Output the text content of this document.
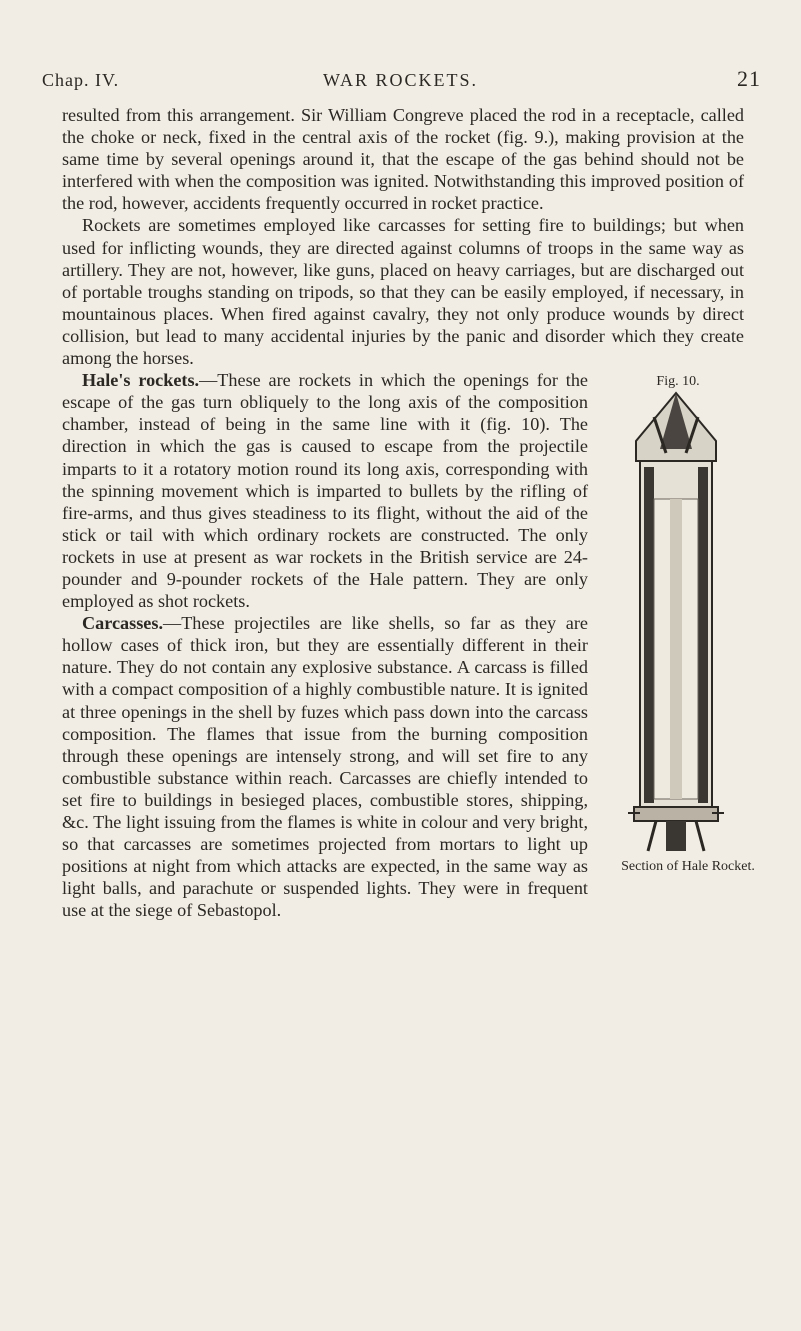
Chap. IV.	WAR ROCKETS.	21

resulted from this arrangement. Sir William Congreve placed the rod in a receptacle, called the choke or neck, fixed in the central axis of the rocket (fig. 9.), making provision at the same time by several openings around it, that the escape of the gas behind should not be interfered with when the composition was ignited. Notwithstanding this improved position of the rod, however, accidents frequently occurred in rocket practice.

Rockets are sometimes employed like carcasses for setting fire to buildings; but when used for inflicting wounds, they are directed against columns of troops in the same way as artillery. They are not, however, like guns, placed on heavy carriages, but are discharged out of portable troughs standing on tripods, so that they can be easily employed, if necessary, in mountainous places. When fired against cavalry, they not only produce wounds by direct collision, but lead to many accidental injuries by the panic and disorder which they create among the horses.

Fig. 10.
Section of Hale Rocket.

Hale's rockets.—These are rockets in which the openings for the escape of the gas turn obliquely to the long axis of the composition chamber, instead of being in the same line with it (fig. 10). The direction in which the gas is caused to escape from the projectile imparts to it a rotatory motion round its long axis, corresponding with the spinning movement which is imparted to bullets by the rifling of fire-arms, and thus gives steadiness to its flight, without the aid of the stick or tail with which ordinary rockets are constructed. The only rockets in use at present as war rockets in the British service are 24-pounder and 9-pounder rockets of the Hale pattern. They are only employed as shot rockets.

Carcasses.—These projectiles are like shells, so far as they are hollow cases of thick iron, but they are essentially different in their nature. They do not contain any explosive substance. A carcass is filled with a compact composition of a highly combustible nature. It is ignited at three openings in the shell by fuzes which pass down into the carcass composition. The flames that issue from the burning composition through these openings are intensely strong, and will set fire to any combustible substance within reach. Carcasses are chiefly intended to set fire to buildings in besieged places, combustible stores, shipping, &c. The light issuing from the flames is white in colour and very bright, so that carcasses are sometimes projected from mortars to light up positions at night from which attacks are expected, in the same way as light balls, and parachute or suspended lights. They were in frequent use at the siege of Sebastopol.
